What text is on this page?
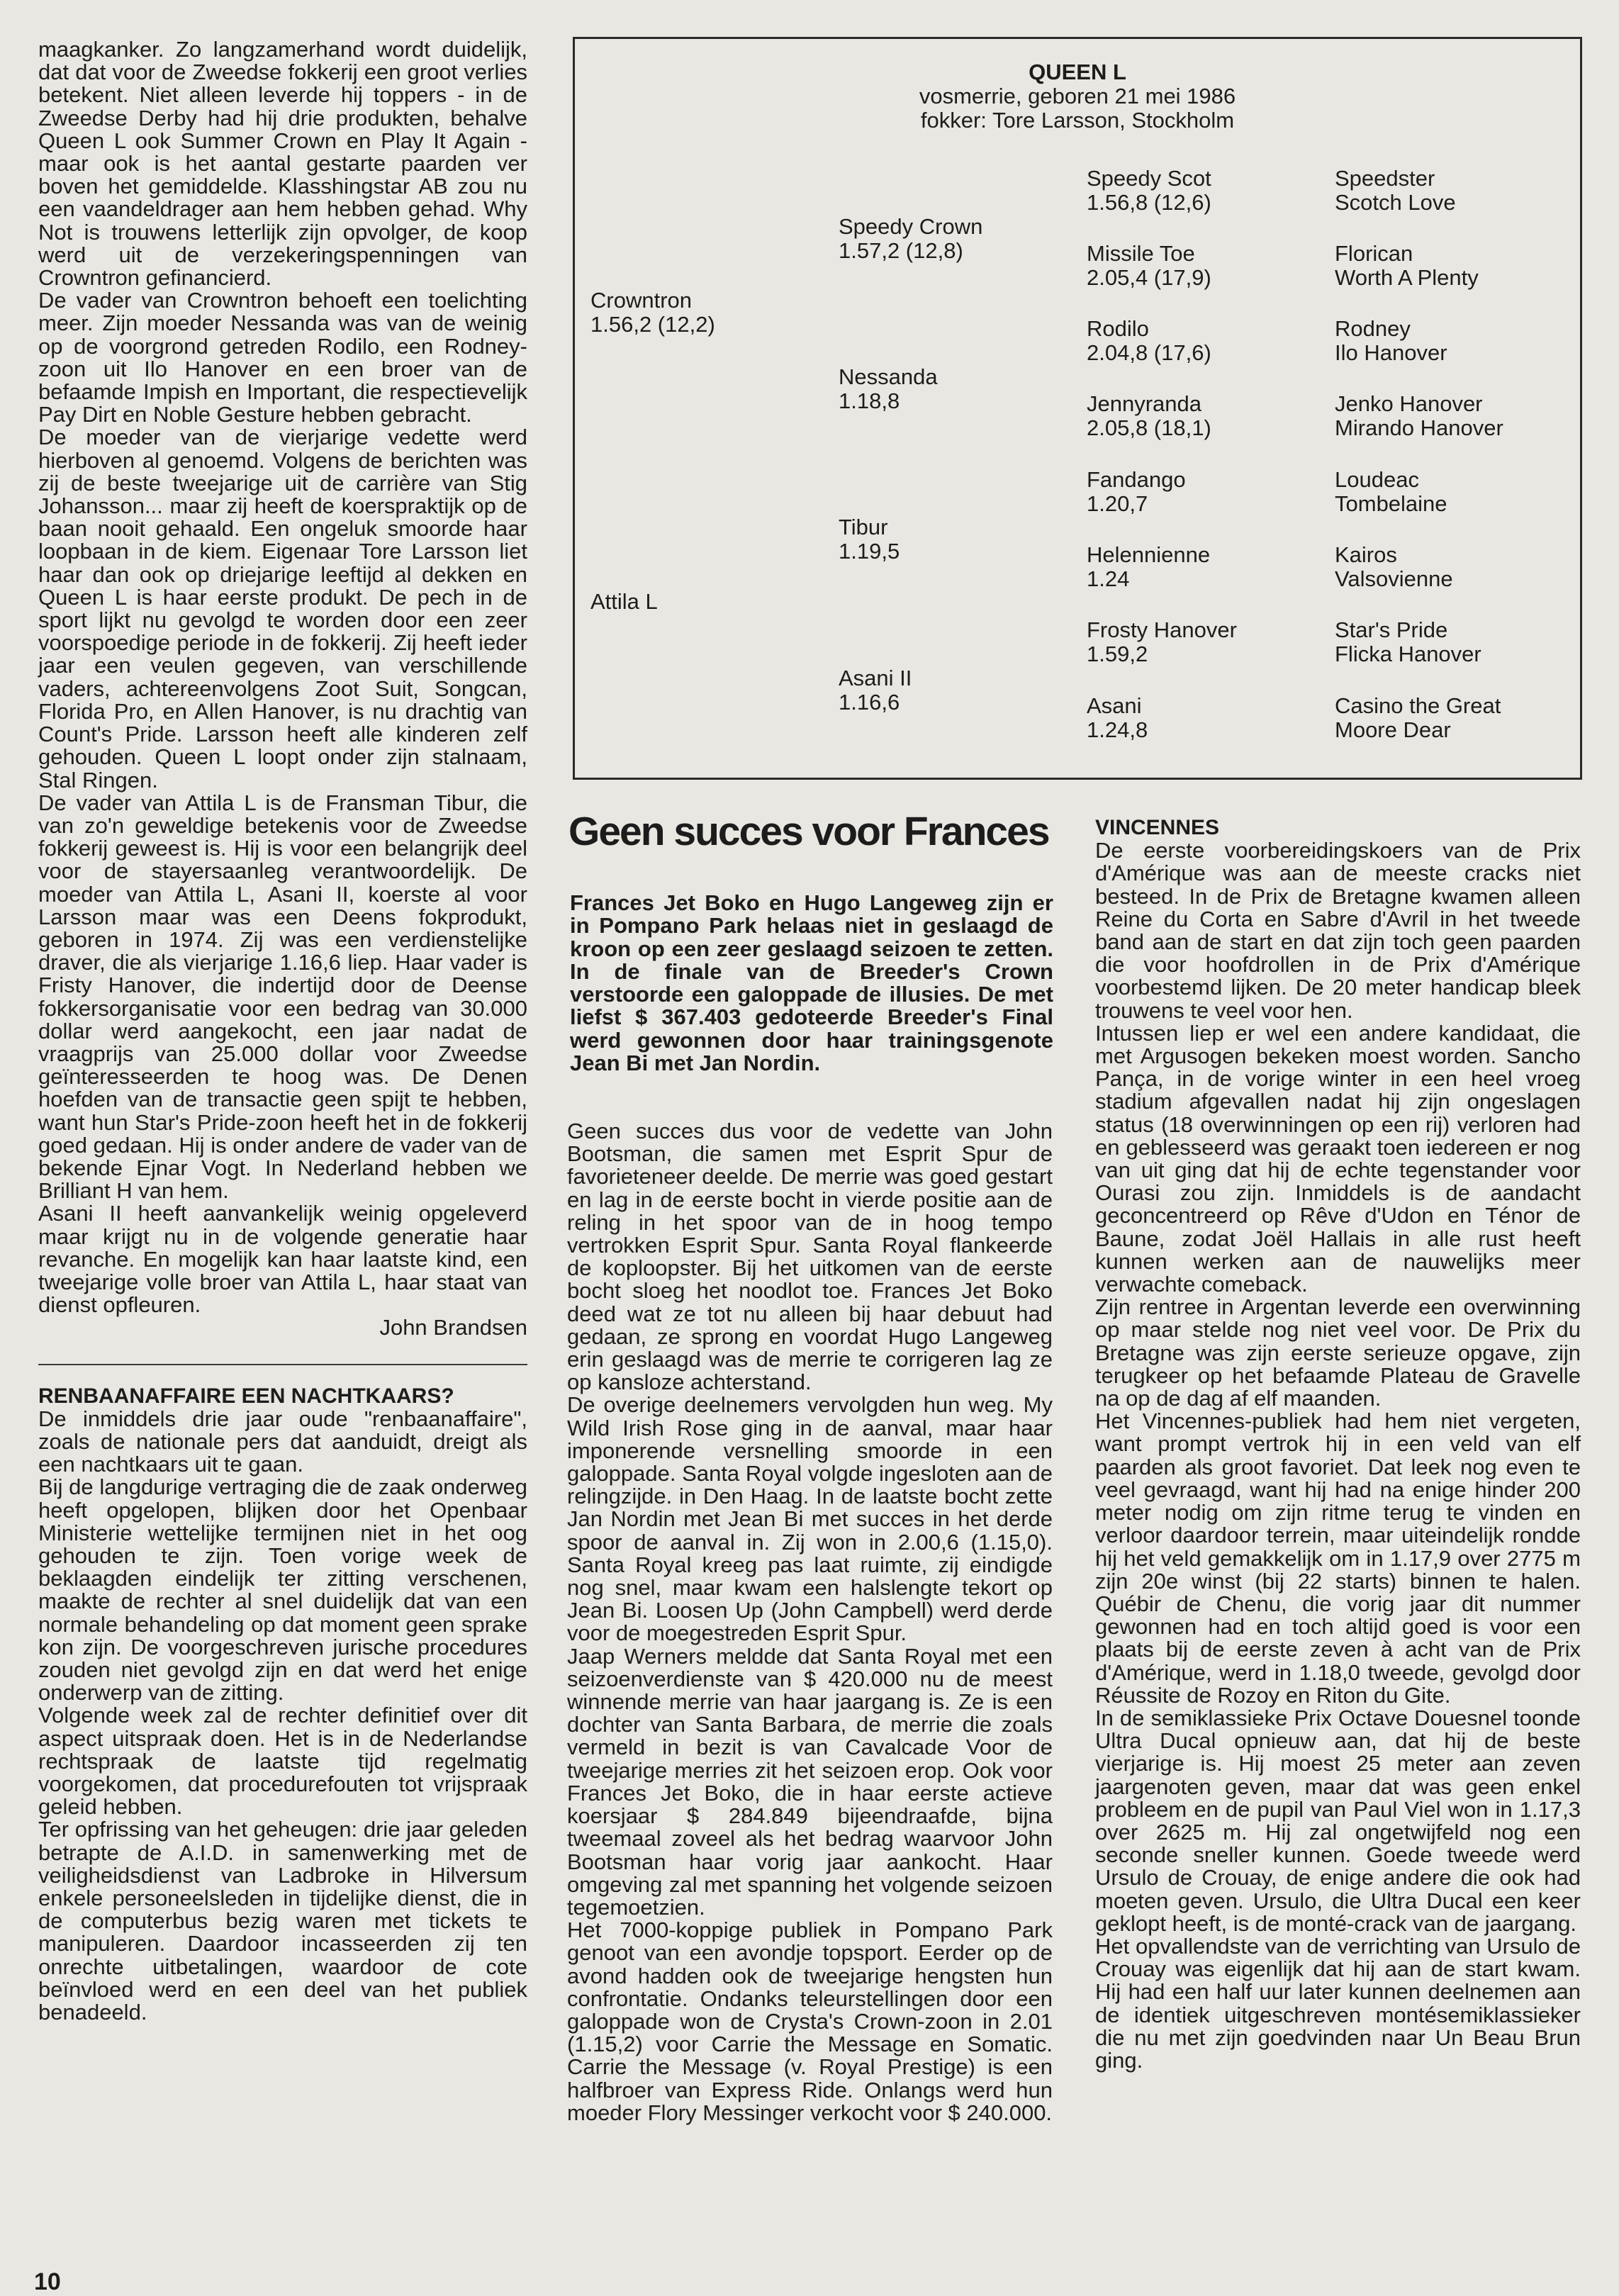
maagkanker. Zo langzamerhand wordt duidelijk, dat dat voor de Zweedse fokkerij een groot verlies betekent. Niet alleen leverde hij toppers - in de Zweedse Derby had hij drie produkten, behalve Queen L ook Summer Crown en Play It Again - maar ook is het aantal gestarte paarden ver boven het gemiddelde. Klasshingstar AB zou nu een vaandeldrager aan hem hebben gehad. Why Not is trouwens letterlijk zijn opvolger, de koop werd uit de verzekeringspenningen van Crowntron gefinancierd.

De vader van Crowntron behoeft een toelichting meer. Zijn moeder Nessanda was van de weinig op de voorgrond getreden Rodilo, een Rodney-zoon uit Ilo Hanover en een broer van de befaamde Impish en Important, die respectievelijk Pay Dirt en Noble Gesture hebben gebracht.

De moeder van de vierjarige vedette werd hierboven al genoemd. Volgens de berichten was zij de beste tweejarige uit de carrière van Stig Johansson... maar zij heeft de koerspraktijk op de baan nooit gehaald. Een ongeluk smoorde haar loopbaan in de kiem. Eigenaar Tore Larsson liet haar dan ook op driejarige leeftijd al dekken en Queen L is haar eerste produkt. De pech in de sport lijkt nu gevolgd te worden door een zeer voorspoedige periode in de fokkerij. Zij heeft ieder jaar een veulen gegeven, van verschillende vaders, achtereenvolgens Zoot Suit, Songcan, Florida Pro, en Allen Hanover, is nu drachtig van Count's Pride. Larsson heeft alle kinderen zelf gehouden. Queen L loopt onder zijn stalnaam, Stal Ringen.

De vader van Attila L is de Fransman Tibur, die van zo'n geweldige betekenis voor de Zweedse fokkerij geweest is. Hij is voor een belangrijk deel voor de stayersaanleg verantwoordelijk. De moeder van Attila L, Asani II, koerste al voor Larsson maar was een Deens fokprodukt, geboren in 1974. Zij was een verdienstelijke draver, die als vierjarige 1.16,6 liep. Haar vader is Fristy Hanover, die indertijd door de Deense fokkersorganisatie voor een bedrag van 30.000 dollar werd aangekocht, een jaar nadat de vraagprijs van 25.000 dollar voor Zweedse geïnteresseerden te hoog was. De Denen hoefden van de transactie geen spijt te hebben, want hun Star's Pride-zoon heeft het in de fokkerij goed gedaan. Hij is onder andere de vader van de bekende Ejnar Vogt. In Nederland hebben we Brilliant H van hem.

Asani II heeft aanvankelijk weinig opgeleverd maar krijgt nu in de volgende generatie haar revanche. En mogelijk kan haar laatste kind, een tweejarige volle broer van Attila L, haar staat van dienst opfleuren.

John Brandsen

RENBAANAFFAIRE EEN NACHTKAARS?

De inmiddels drie jaar oude "renbaanaffaire", zoals de nationale pers dat aanduidt, dreigt als een nachtkaars uit te gaan.

Bij de langdurige vertraging die de zaak onderweg heeft opgelopen, blijken door het Openbaar Ministerie wettelijke termijnen niet in het oog gehouden te zijn. Toen vorige week de beklaagden eindelijk ter zitting verschenen, maakte de rechter al snel duidelijk dat van een normale behandeling op dat moment geen sprake kon zijn. De voorgeschreven jurische procedures zouden niet gevolgd zijn en dat werd het enige onderwerp van de zitting.

Volgende week zal de rechter definitief over dit aspect uitspraak doen. Het is in de Nederlandse rechtspraak de laatste tijd regelmatig voorgekomen, dat procedurefouten tot vrijspraak geleid hebben.

Ter opfrissing van het geheugen: drie jaar geleden betrapte de A.I.D. in samenwerking met de veiligheidsdienst van Ladbroke in Hilversum enkele personeelsleden in tijdelijke dienst, die in de computerbus bezig waren met tickets te manipuleren. Daardoor incasseerden zij ten onrechte uitbetalingen, waardoor de cote beïnvloed werd en een deel van het publiek benadeeld.

QUEEN L
vosmerrie, geboren 21 mei 1986
fokker: Tore Larsson, Stockholm
Crowntron
1.56,2 (12,2)
Attila L
Speedy Crown
1.57,2 (12,8)
Nessanda
1.18,8
Tibur
1.19,5
Asani II
1.16,6
Speedy Scot
1.56,8 (12,6)
Missile Toe
2.05,4 (17,9)
Rodilo
2.04,8 (17,6)
Jennyranda
2.05,8 (18,1)
Fandango
1.20,7
Helennienne
1.24
Frosty Hanover
1.59,2
Asani
1.24,8
Speedster
Scotch Love
Florican
Worth A Plenty
Rodney
Ilo Hanover
Jenko Hanover
Mirando Hanover
Loudeac
Tombelaine
Kairos
Valsovienne
Star's Pride
Flicka Hanover
Casino the Great
Moore Dear
Geen succes voor Frances
Frances Jet Boko en Hugo Langeweg zijn er in Pompano Park helaas niet in geslaagd de kroon op een zeer geslaagd seizoen te zetten. In de finale van de Breeder's Crown verstoorde een galoppade de illusies. De met liefst $ 367.403 gedoteerde Breeder's Final werd gewonnen door haar trainingsgenote Jean Bi met Jan Nordin.

Geen succes dus voor de vedette van John Bootsman, die samen met Esprit Spur de favorieteneer deelde. De merrie was goed gestart en lag in de eerste bocht in vierde positie aan de reling in het spoor van de in hoog tempo vertrokken Esprit Spur. Santa Royal flankeerde de koploopster. Bij het uitkomen van de eerste bocht sloeg het noodlot toe. Frances Jet Boko deed wat ze tot nu alleen bij haar debuut had gedaan, ze sprong en voordat Hugo Langeweg erin geslaagd was de merrie te corrigeren lag ze op kansloze achterstand.

De overige deelnemers vervolgden hun weg. My Wild Irish Rose ging in de aanval, maar haar imponerende versnelling smoorde in een galoppade. Santa Royal volgde ingesloten aan de relingzijde. in Den Haag. In de laatste bocht zette Jan Nordin met Jean Bi met succes in het derde spoor de aanval in. Zij won in 2.00,6 (1.15,0). Santa Royal kreeg pas laat ruimte, zij eindigde nog snel, maar kwam een halslengte tekort op Jean Bi. Loosen Up (John Campbell) werd derde voor de moegestreden Esprit Spur.

Jaap Werners meldde dat Santa Royal met een seizoenverdienste van $ 420.000 nu de meest winnende merrie van haar jaargang is. Ze is een dochter van Santa Barbara, de merrie die zoals vermeld in bezit is van Cavalcade Voor de tweejarige merries zit het seizoen erop. Ook voor Frances Jet Boko, die in haar eerste actieve koersjaar $ 284.849 bijeendraafde, bijna tweemaal zoveel als het bedrag waarvoor John Bootsman haar vorig jaar aankocht. Haar omgeving zal met spanning het volgende seizoen tegemoetzien.

Het 7000-koppige publiek in Pompano Park genoot van een avondje topsport. Eerder op de avond hadden ook de tweejarige hengsten hun confrontatie. Ondanks teleurstellingen door een galoppade won de Crysta's Crown-zoon in 2.01 (1.15,2) voor Carrie the Message en Somatic. Carrie the Message (v. Royal Prestige) is een halfbroer van Express Ride. Onlangs werd hun moeder Flory Messinger verkocht voor $ 240.000.

VINCENNES

De eerste voorbereidingskoers van de Prix d'Amérique was aan de meeste cracks niet besteed. In de Prix de Bretagne kwamen alleen Reine du Corta en Sabre d'Avril in het tweede band aan de start en dat zijn toch geen paarden die voor hoofdrollen in de Prix d'Amérique voorbestemd lijken. De 20 meter handicap bleek trouwens te veel voor hen.

Intussen liep er wel een andere kandidaat, die met Argusogen bekeken moest worden. Sancho Pança, in de vorige winter in een heel vroeg stadium afgevallen nadat hij zijn ongeslagen status (18 overwinningen op een rij) verloren had en geblesseerd was geraakt toen iedereen er nog van uit ging dat hij de echte tegenstander voor Ourasi zou zijn. Inmiddels is de aandacht geconcentreerd op Rêve d'Udon en Ténor de Baune, zodat Joël Hallais in alle rust heeft kunnen werken aan de nauwelijks meer verwachte comeback.

Zijn rentree in Argentan leverde een overwinning op maar stelde nog niet veel voor. De Prix du Bretagne was zijn eerste serieuze opgave, zijn terugkeer op het befaamde Plateau de Gravelle na op de dag af elf maanden.

Het Vincennes-publiek had hem niet vergeten, want prompt vertrok hij in een veld van elf paarden als groot favoriet. Dat leek nog even te veel gevraagd, want hij had na enige hinder 200 meter nodig om zijn ritme terug te vinden en verloor daardoor terrein, maar uiteindelijk rondde hij het veld gemakkelijk om in 1.17,9 over 2775 m zijn 20e winst (bij 22 starts) binnen te halen. Québir de Chenu, die vorig jaar dit nummer gewonnen had en toch altijd goed is voor een plaats bij de eerste zeven à acht van de Prix d'Amérique, werd in 1.18,0 tweede, gevolgd door Réussite de Rozoy en Riton du Gite.

In de semiklassieke Prix Octave Douesnel toonde Ultra Ducal opnieuw aan, dat hij de beste vierjarige is. Hij moest 25 meter aan zeven jaargenoten geven, maar dat was geen enkel probleem en de pupil van Paul Viel won in 1.17,3 over 2625 m. Hij zal ongetwijfeld nog een seconde sneller kunnen. Goede tweede werd Ursulo de Crouay, de enige andere die ook had moeten geven. Ursulo, die Ultra Ducal een keer geklopt heeft, is de monté-crack van de jaargang.

Het opvallendste van de verrichting van Ursulo de Crouay was eigenlijk dat hij aan de start kwam. Hij had een half uur later kunnen deelnemen aan de identiek uitgeschreven montésemiklassieker die nu met zijn goedvinden naar Un Beau Brun ging.

10
